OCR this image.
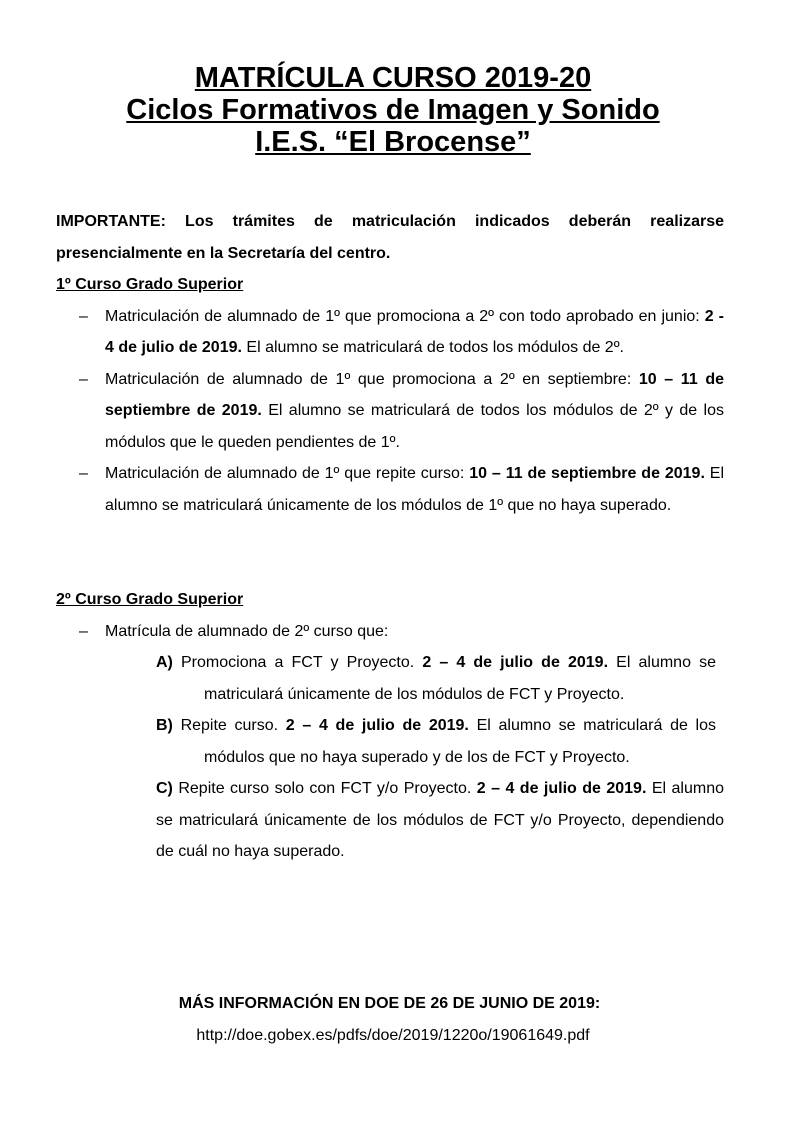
MATRÍCULA CURSO 2019-20
Ciclos Formativos de Imagen y Sonido
I.E.S. “El Brocense”
IMPORTANTE: Los trámites de matriculación indicados deberán realizarse presencialmente en la Secretaría del centro.
1º Curso Grado Superior
– Matriculación de alumnado de 1º que promociona a 2º con todo aprobado en junio: 2 - 4 de julio de 2019. El alumno se matriculará de todos los módulos de 2º.
– Matriculación de alumnado de 1º que promociona a 2º en septiembre: 10 – 11 de septiembre de 2019. El alumno se matriculará de todos los módulos de 2º y de los módulos que le queden pendientes de 1º.
– Matriculación de alumnado de 1º que repite curso: 10 – 11 de septiembre de 2019. El alumno se matriculará únicamente de los módulos de 1º que no haya superado.
2º Curso Grado Superior
– Matrícula de alumnado de 2º curso que:
A) Promociona a FCT y Proyecto. 2 – 4 de julio de 2019. El alumno se matriculará únicamente de los módulos de FCT y Proyecto.
B) Repite curso. 2 – 4 de julio de 2019. El alumno se matriculará de los módulos que no haya superado y de los de FCT y Proyecto.
C) Repite curso solo con FCT y/o Proyecto. 2 – 4 de julio de 2019. El alumno se matriculará únicamente de los módulos de FCT y/o Proyecto, dependiendo de cuál no haya superado.
MÁS INFORMACIÓN EN DOE DE 26 DE JUNIO DE 2019:
http://doe.gobex.es/pdfs/doe/2019/1220o/19061649.pdf
